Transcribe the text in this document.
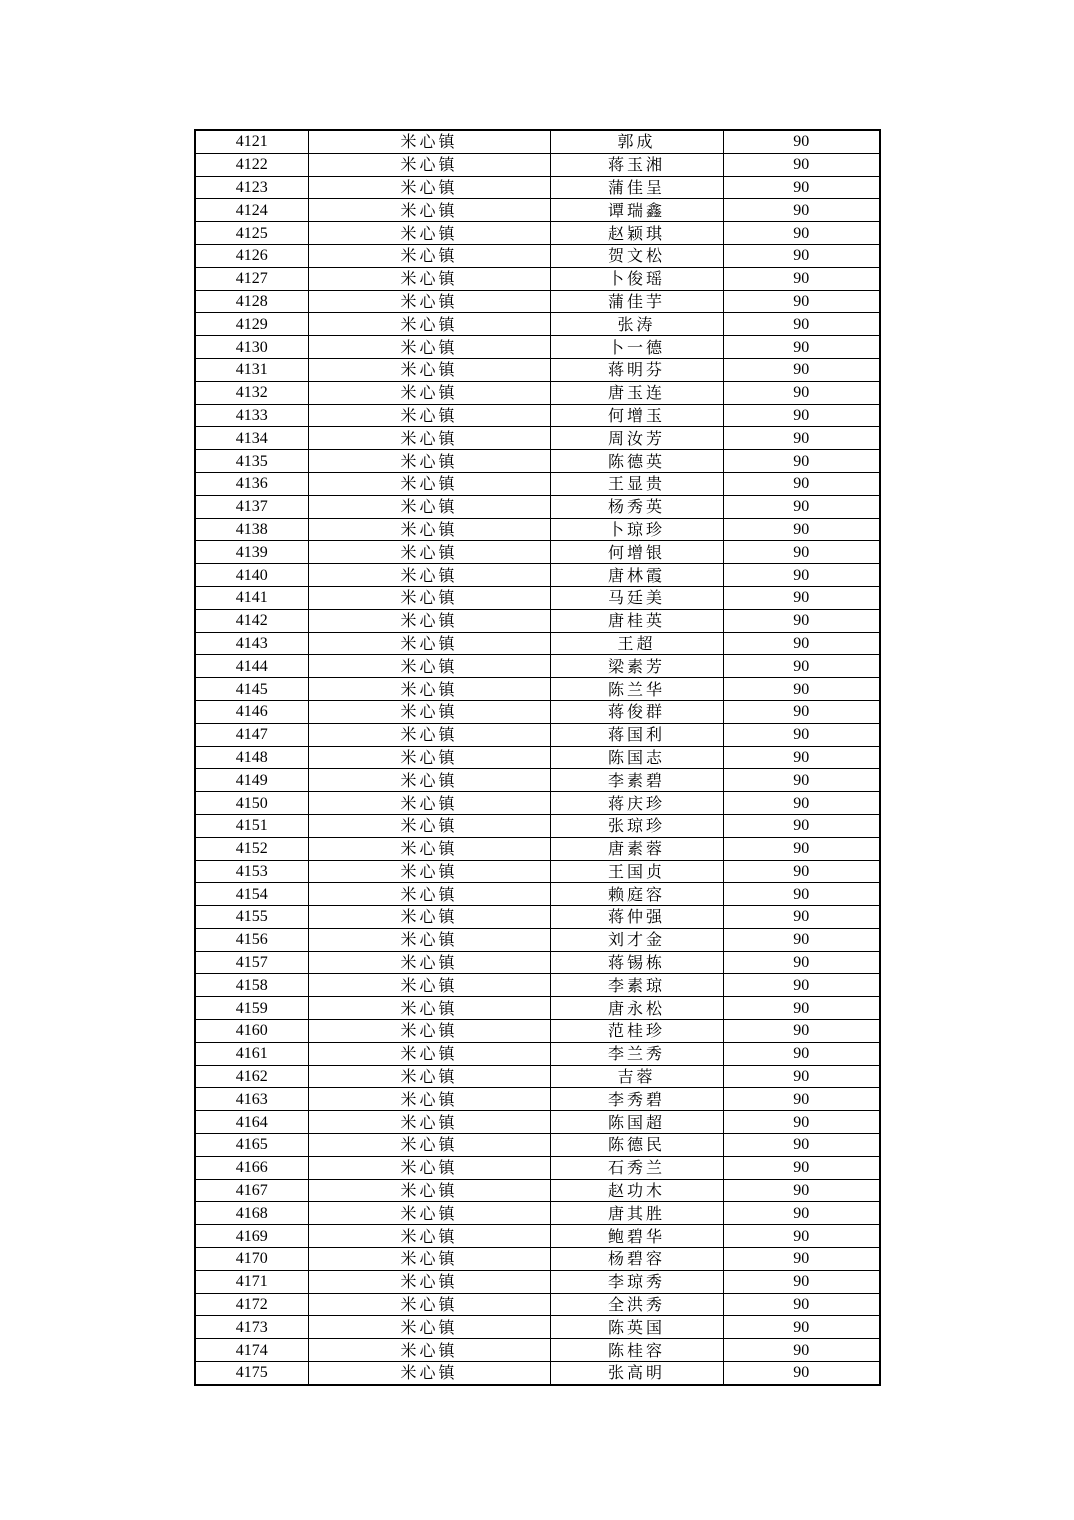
4121	米心镇	郭成	90
4122	米心镇	蒋玉湘	90
4123	米心镇	蒲佳呈	90
4124	米心镇	谭瑞鑫	90
4125	米心镇	赵颖琪	90
4126	米心镇	贺文松	90
4127	米心镇	卜俊瑶	90
4128	米心镇	蒲佳芋	90
4129	米心镇	张涛	90
4130	米心镇	卜一德	90
4131	米心镇	蒋明芬	90
4132	米心镇	唐玉连	90
4133	米心镇	何增玉	90
4134	米心镇	周汝芳	90
4135	米心镇	陈德英	90
4136	米心镇	王显贵	90
4137	米心镇	杨秀英	90
4138	米心镇	卜琼珍	90
4139	米心镇	何增银	90
4140	米心镇	唐林霞	90
4141	米心镇	马廷美	90
4142	米心镇	唐桂英	90
4143	米心镇	王超	90
4144	米心镇	梁素芳	90
4145	米心镇	陈兰华	90
4146	米心镇	蒋俊群	90
4147	米心镇	蒋国利	90
4148	米心镇	陈国志	90
4149	米心镇	李素碧	90
4150	米心镇	蒋庆珍	90
4151	米心镇	张琼珍	90
4152	米心镇	唐素蓉	90
4153	米心镇	王国贞	90
4154	米心镇	赖庭容	90
4155	米心镇	蒋仲强	90
4156	米心镇	刘才金	90
4157	米心镇	蒋锡栋	90
4158	米心镇	李素琼	90
4159	米心镇	唐永松	90
4160	米心镇	范桂珍	90
4161	米心镇	李兰秀	90
4162	米心镇	吉蓉	90
4163	米心镇	李秀碧	90
4164	米心镇	陈国超	90
4165	米心镇	陈德民	90
4166	米心镇	石秀兰	90
4167	米心镇	赵功木	90
4168	米心镇	唐其胜	90
4169	米心镇	鲍碧华	90
4170	米心镇	杨碧容	90
4171	米心镇	李琼秀	90
4172	米心镇	全洪秀	90
4173	米心镇	陈英国	90
4174	米心镇	陈桂容	90
4175	米心镇	张高明	90
